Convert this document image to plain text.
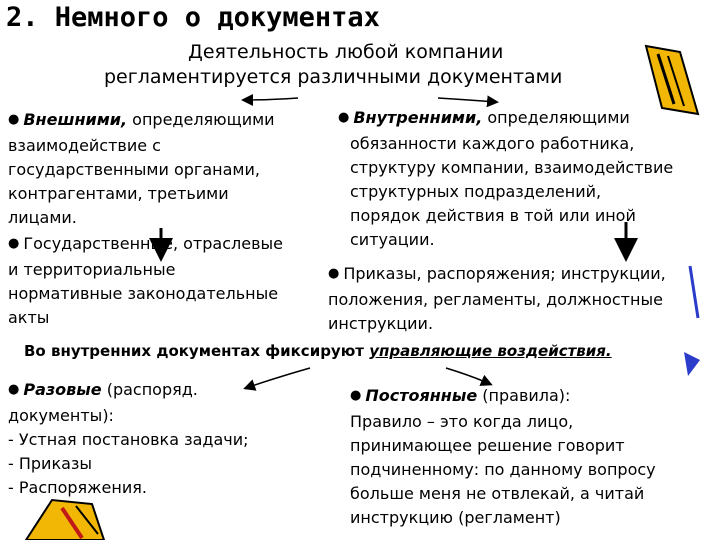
2. Немного о документах
Деятельность любой компании
регламентируется различными документами
● Внешними, определяющими
взаимодействие с
государственными органами,
контрагентами, третьими
лицами.
● Внутренними, определяющими
обязанности каждого работника,
структуру компании, взаимодействие
структурных подразделений,
порядок действия в той или иной
ситуации.
● Государственные, отраслевые
и территориальные
нормативные законодательные
акты
● Приказы, распоряжения; инструкции,
положения, регламенты, должностные
инструкции.
Во внутренних документах фиксируют управляющие воздействия.
● Разовые (распоряд.
документы):
- Устная постановка задачи;
- Приказы
- Распоряжения.
● Постоянные (правила):
Правило – это когда лицо,
принимающее решение говорит
подчиненному: по данному вопросу
больше меня не отвлекай, а читай
инструкцию (регламент)
